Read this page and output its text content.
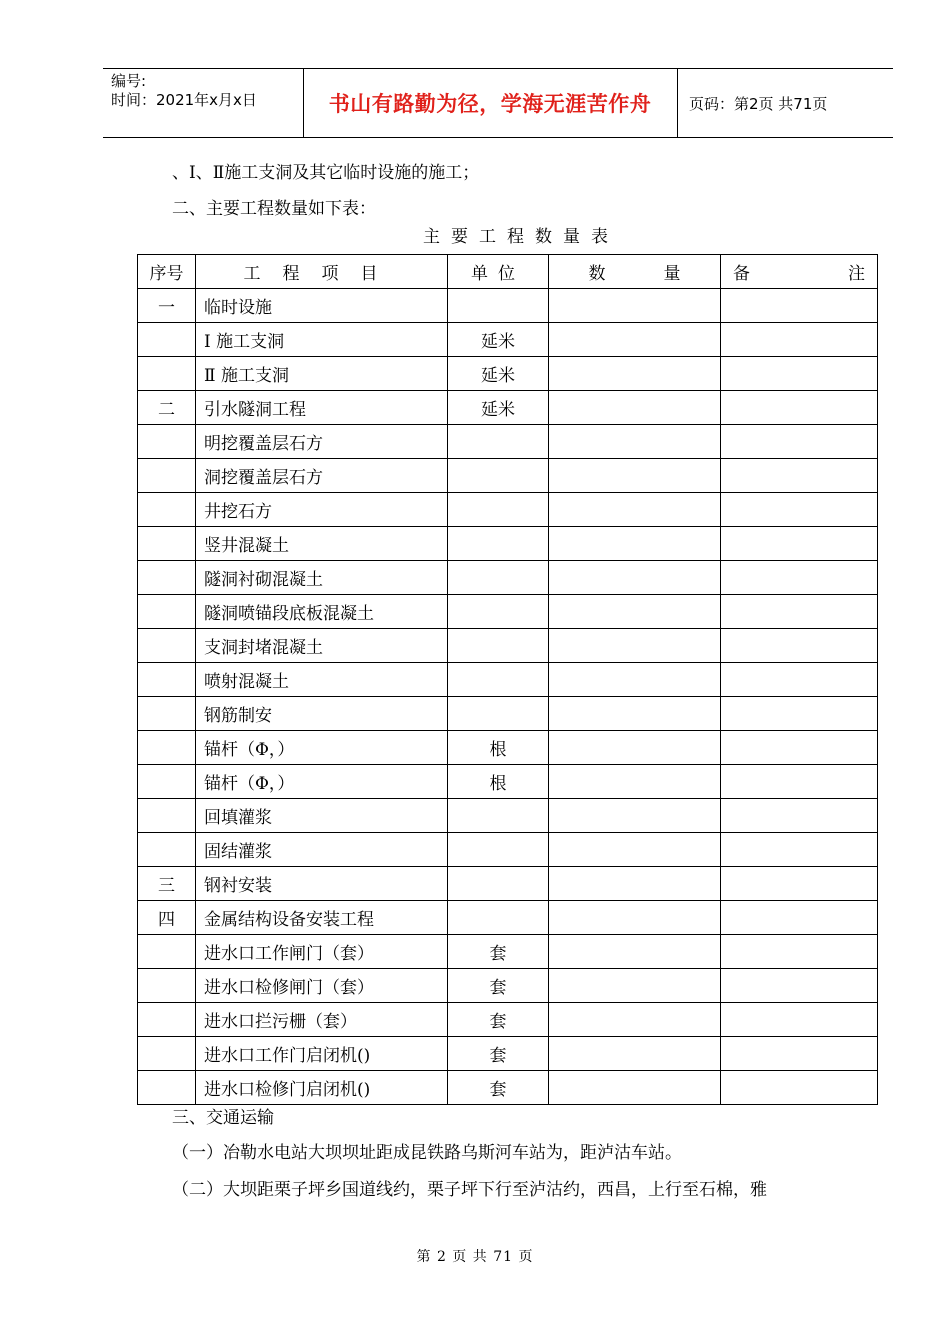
编号:
时间：2021年x月x日	书山有路勤为径，学海无涯苦作舟	页码：第2页 共71页
、Ⅰ、Ⅱ施工支洞及其它临时设施的施工；
二、主要工程数量如下表：
主要工程数量表
序号	工程项目	单位	数 量	备 注

一	临时设施			
	Ⅰ 施工支洞	延米		
	Ⅱ 施工支洞	延米		
二	引水隧洞工程	延米		
	明挖覆盖层石方			
	洞挖覆盖层石方			
	井挖石方			
	竖井混凝土			
	隧洞衬砌混凝土			
	隧洞喷锚段底板混凝土			
	支洞封堵混凝土			
	喷射混凝土			
	钢筋制安			
	锚杆（Φ，）	根		
	锚杆（Φ，）	根		
	回填灌浆			
	固结灌浆			
三	钢衬安装			
四	金属结构设备安装工程			
	进水口工作闸门（套）	套		
	进水口检修闸门（套）	套		
	进水口拦污栅（套）	套		
	进水口工作门启闭机()	套		
	进水口检修门启闭机()	套		
三、交通运输
（一）冶勒水电站大坝坝址距成昆铁路乌斯河车站为，距泸沽车站。
（二）大坝距栗子坪乡国道线约，栗子坪下行至泸沽约，西昌，上行至石棉，雅
第 2 页 共 71 页
